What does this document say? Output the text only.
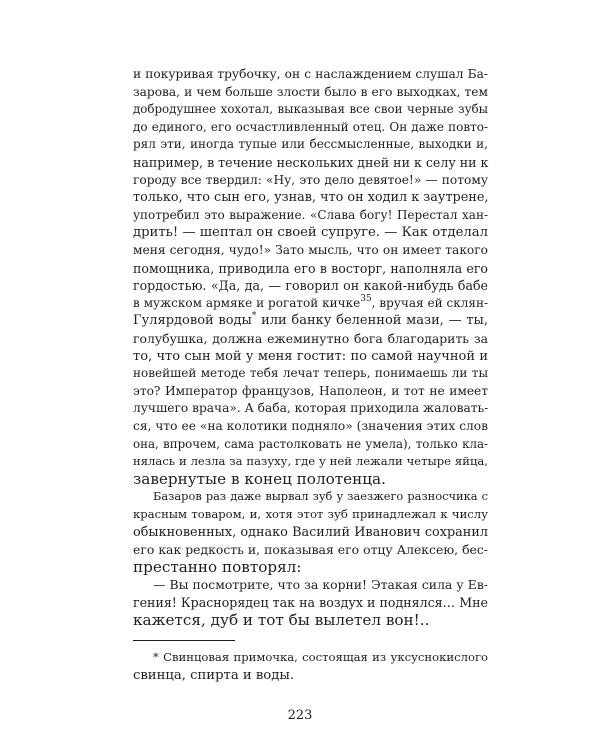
и покуривая трубочку, он с наслаждением слушал Ба-
зарова, и чем больше злости было в его выходках, тем
добродушнее хохотал, выказывая все свои черные зубы
до единого, его осчастливленный отец. Он даже повто-
рял эти, иногда тупые или бессмысленные, выходки и,
например, в течение нескольких дней ни к селу ни к
городу все твердил: «Ну, это дело девятое!» — потому
только, что сын его, узнав, что он ходил к заутрене,
употребил это выражение. «Слава богу! Перестал хан-
дрить! — шептал он своей супруге. — Как отделал
меня сегодня, чудо!» Зато мысль, что он имеет такого
помощника, приводила его в восторг, наполняла его
гордостью. «Да, да, — говорил он какой-нибудь бабе
в мужском армяке и рогатой кичке$^{35}$, вручая ей склян-
Гулярдовой воды* или банку беленной мази, — ты,
голубушка, должна ежеминутно бога благодарить за
то, что сын мой у меня гостит: по самой научной и
новейшей методе тебя лечат теперь, понимаешь ли ты
это? Император французов, Наполеон, и тот не имеет
лучшего врача». А баба, которая приходила жаловать-
ся, что ее «на колотики подняло» (значения этих слов
она, впрочем, сама растолковать не умела), только кла-
нялась и лезла за пазуху, где у ней лежали четыре яйца,
завернутые в конец полотенца.
Базаров раз даже вырвал зуб у заезжего разносчика с
красным товаром, и, хотя этот зуб принадлежал к числу
обыкновенных, однако Василий Иванович сохранил
его как редкость и, показывая его отцу Алексею, бес-
престанно повторял:
— Вы посмотрите, что за корни! Этакая сила у Ев-
гения! Краснорядец так на воздух и поднялся… Мне
кажется, дуб и тот бы вылетел вон!..
* Свинцовая примочка, состоящая из уксуснокислого
свинца, спирта и воды.
223
